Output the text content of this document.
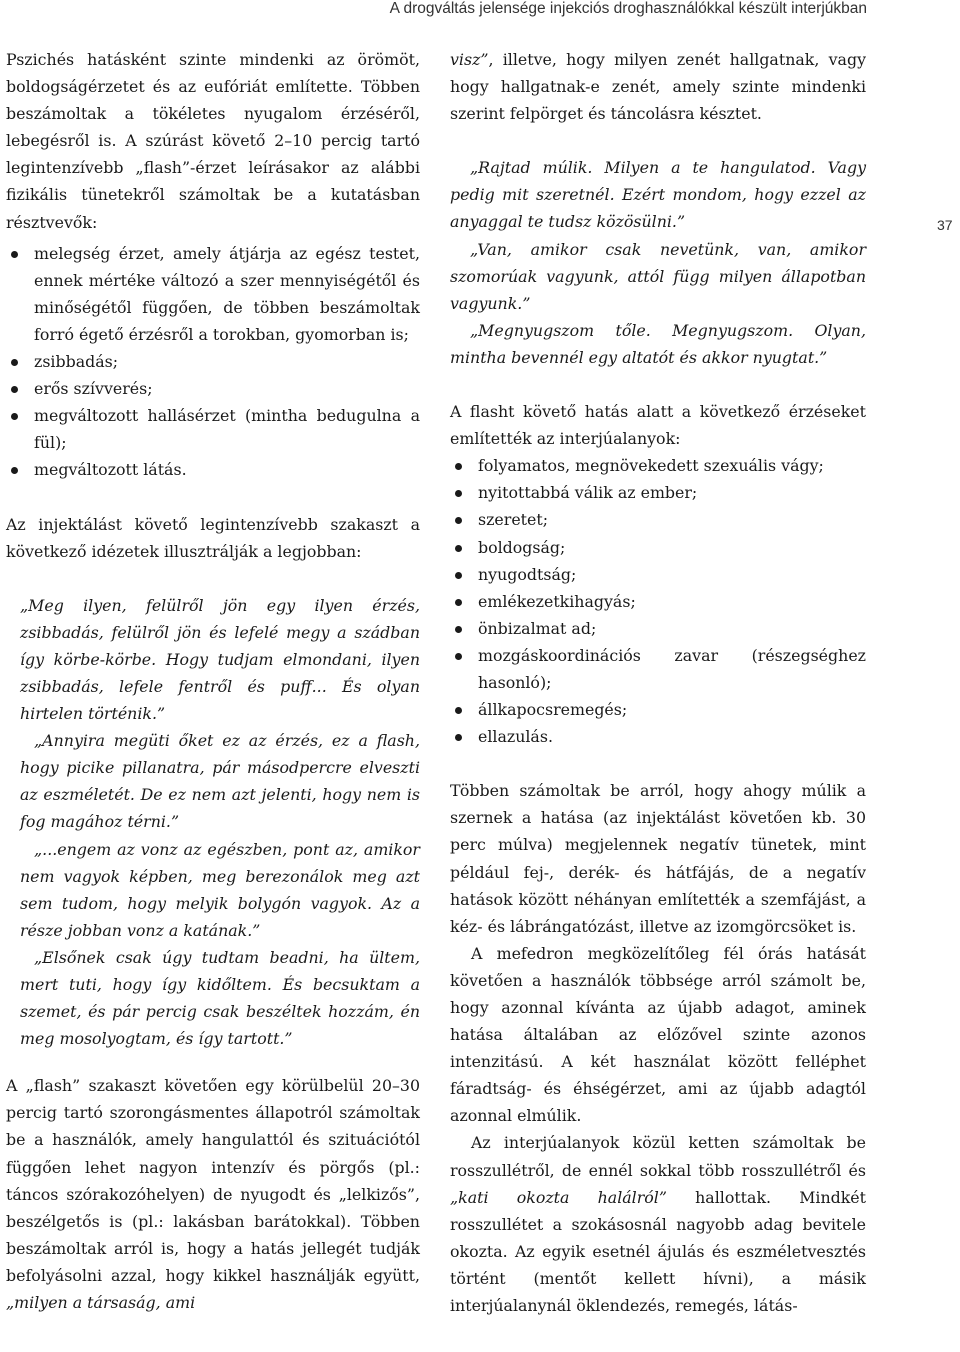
A drogváltás jelensége injekciós droghasználókkal készült interjúkban
37

Pszichés hatásként szinte mindenki az örömöt, boldogságérzetet és az eufóriát említette. Többen beszámoltak a tökéletes nyugalom érzéséről, lebegésről is. A szúrást követő 2–10 percig tartó legintenzívebb „flash”-érzet leírásakor az alábbi fizikális tünetekről számoltak be a kutatásban résztvevők:

melegség érzet, amely átjárja az egész testet, ennek mértéke változó a szer mennyiségétől és minőségétől függően, de többen beszámoltak forró égető érzésről a torokban, gyomorban is;
zsibbadás;
erős szívverés;
megváltozott hallásérzet (mintha bedugulna a fül);
megváltozott látás.

Az injektálást követő legintenzívebb szakaszt a következő idézetek illusztrálják a legjobban:

„Meg ilyen, felülről jön egy ilyen érzés, zsibbadás, felülről jön és lefelé megy a szádban így körbe-körbe. Hogy tudjam elmondani, ilyen zsibbadás, lefele fentről és puff... És olyan hirtelen történik.”

„Annyira megüti őket ez az érzés, ez a flash, hogy picike pillanatra, pár másodpercre elveszti az eszméletét. De ez nem azt jelenti, hogy nem is fog magához térni.”

„...engem az vonz az egészben, pont az, amikor nem vagyok képben, meg berezonálok meg azt sem tudom, hogy melyik bolygón vagyok. Az a része jobban vonz a katának.”

„Elsőnek csak úgy tudtam beadni, ha ültem, mert tuti, hogy így kidőltem. És becsuktam a szemet, és pár percig csak beszéltek hozzám, én meg mosolyogtam, és így tartott.”

A „flash” szakaszt követően egy körülbelül 20–30 percig tartó szorongásmentes állapotról számoltak be a használók, amely hangulattól és szituációtól függően lehet nagyon intenzív és pörgős (pl.: táncos szórakozóhelyen) de nyugodt és „lelkizős”, beszélgetős is (pl.: lakásban barátokkal). Többen beszámoltak arról is, hogy a hatás jellegét tudják befolyásolni azzal, hogy kikkel használják együtt, „milyen a társaság, ami

visz”, illetve, hogy milyen zenét hallgatnak, vagy hogy hallgatnak-e zenét, amely szinte mindenki szerint felpörget és táncolásra késztet.

„Rajtad múlik. Milyen a te hangulatod. Vagy pedig mit szeretnél. Ezért mondom, hogy ezzel az anyaggal te tudsz közösülni.”

„Van, amikor csak nevetünk, van, amikor szomorúak vagyunk, attól függ milyen állapotban vagyunk.”

„Megnyugszom tőle. Megnyugszom. Olyan, mintha bevennél egy altatót és akkor nyugtat.”

A flasht követő hatás alatt a következő érzéseket említették az interjúalanyok:

folyamatos, megnövekedett szexuális vágy;
nyitottabbá válik az ember;
szeretet;
boldogság;
nyugodtság;
emlékezetkihagyás;
önbizalmat ad;
mozgáskoordinációs zavar (részegséghez hasonló);
állkapocsremegés;
ellazulás.

Többen számoltak be arról, hogy ahogy múlik a szernek a hatása (az injektálást követően kb. 30 perc múlva) megjelennek negatív tünetek, mint például fej-, derék- és hátfájás, de a negatív hatások között néhányan említették a szemfájást, a kéz- és lábrángatózást, illetve az izomgörcsöket is.

A mefedron megközelítőleg fél órás hatását követően a használók többsége arról számolt be, hogy azonnal kívánta az újabb adagot, aminek hatása általában az előzővel szinte azonos intenzitású. A két használat között felléphet fáradtság- és éhségérzet, ami az újabb adagtól azonnal elmúlik.

Az interjúalanyok közül ketten számoltak be rosszullétről, de ennél sokkal több rosszullétről és „kati okozta halálról” hallottak. Mindkét rosszullétet a szokásosnál nagyobb adag bevitele okozta. Az egyik esetnél ájulás és eszméletvesztés történt (mentőt kellett hívni), a másik interjúalanynál öklendezés, remegés, látás-
